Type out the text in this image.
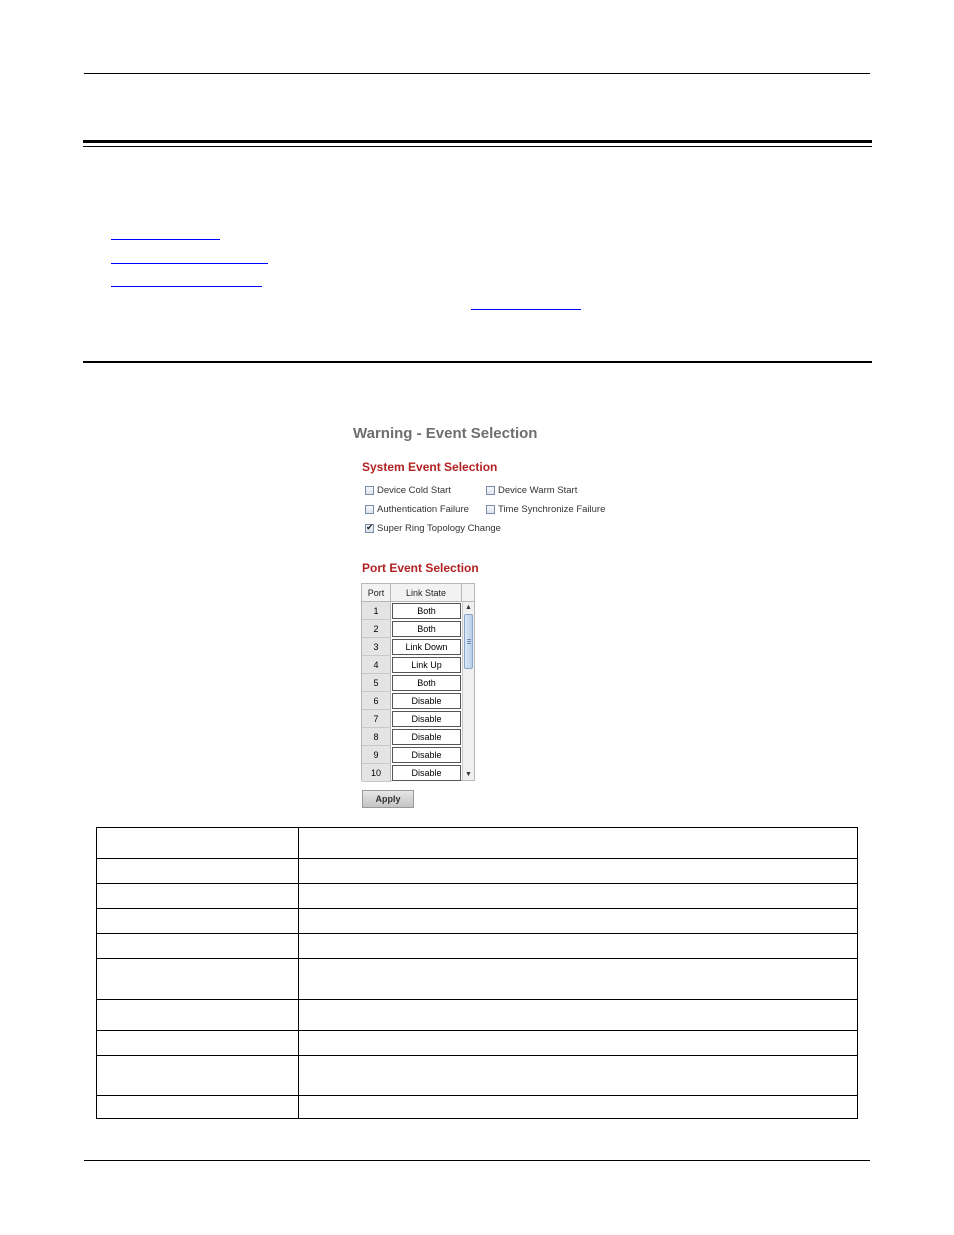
Warning - Event Selection
System Event Selection
Device Cold Start	Device Warm Start
Authentication Failure	Time Synchronize Failure
✔
Super Ring Topology Change
Port Event Selection
Port	Link State
1	Both
2	Both
3	Link Down
4	Link Up
5	Both
6	Disable
7	Disable
8	Disable
9	Disable
10	Disable
▲
▼
Apply
